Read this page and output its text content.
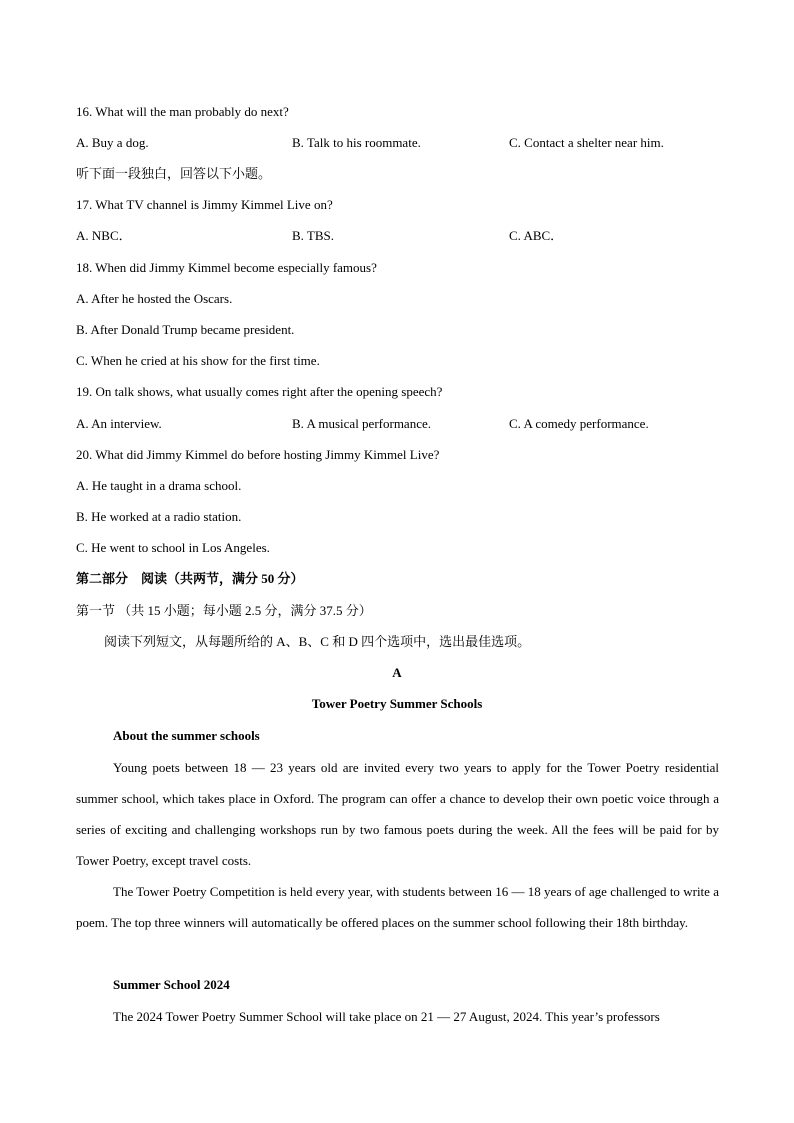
16. What will the man probably do next?
A. Buy a dog.	B. Talk to his roommate.	C. Contact a shelter near him.
听下面一段独白，回答以下小题。
17. What TV channel is Jimmy Kimmel Live on?
A. NBC．	B. TBS.	C. ABC．
18. When did Jimmy Kimmel become especially famous?
A. After he hosted the Oscars.
B. After Donald Trump became president.
C. When he cried at his show for the first time.
19. On talk shows, what usually comes right after the opening speech?
A. An interview.	B. A musical performance.	C. A comedy performance.
20. What did Jimmy Kimmel do before hosting Jimmy Kimmel Live?
A. He taught in a drama school.
B. He worked at a radio station.
C. He went to school in Los Angeles.
第二部分　阅读（共两节，满分 50 分）
第一节 （共 15 小题；每小题 2.5 分，满分 37.5 分）
阅读下列短文，从每题所给的 A、B、C 和 D 四个选项中，选出最佳选项。
A
Tower Poetry Summer Schools
About the summer schools
Young poets between 18 — 23 years old are invited every two years to apply for the Tower Poetry residential summer school, which takes place in Oxford. The program can offer a chance to develop their own poetic voice through a series of exciting and challenging workshops run by two famous poets during the week. All the fees will be paid for by Tower Poetry, except travel costs.
The Tower Poetry Competition is held every year, with students between 16 — 18 years of age challenged to write a poem. The top three winners will automatically be offered places on the summer school following their 18th birthday.
Summer School 2024
The 2024 Tower Poetry Summer School will take place on 21 — 27 August, 2024. This year’s professors
